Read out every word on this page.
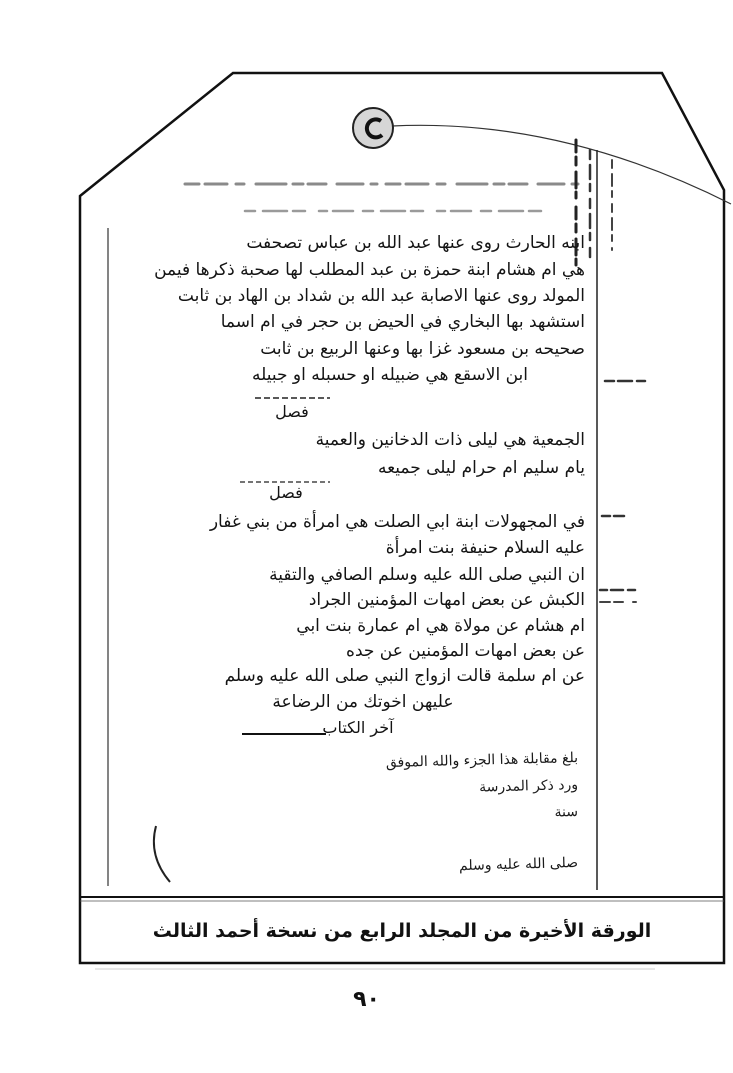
ابنه الحارث روى عنها عبد الله بن عباس تصحفت
هي ام هشام ابنة حمزة بن عبد المطلب لها صحبة ذكرها فيمن
المولد روى عنها الاصابة عبد الله بن شداد بن الهاد بن ثابت
استشهد بها البخاري في الحيض بن حجر في ام اسما
صحيحه بن مسعود غزا بها وعنها الربيع بن ثابت
ابن الاسقع هي ضبيله او حسبله او جبيله
فصل
الجمعية هي ليلى ذات الدخانين والعمية
يام سليم ام حرام ليلى جميعه
فصل
في المجهولات ابنة ابي الصلت هي امرأة من بني غفار
عليه السلام حنيفة بنت امرأة
ان النبي صلى الله عليه وسلم الصافي والتقية
الكبش عن بعض امهات المؤمنين الجراد
ام هشام عن مولاة هي ام عمارة بنت ابي
عن بعض امهات المؤمنين عن جده
عن ام سلمة قالت ازواج النبي صلى الله عليه وسلم
عليهن اخوتك من الرضاعة
آخر الكتاب
بلغ مقابلة هذا الجزء والله الموفق
ورد ذكر المدرسة
سنة
صلى الله عليه وسلم
الورقة الأخيرة من المجلد الرابع من نسخة أحمد الثالث
٩٠
